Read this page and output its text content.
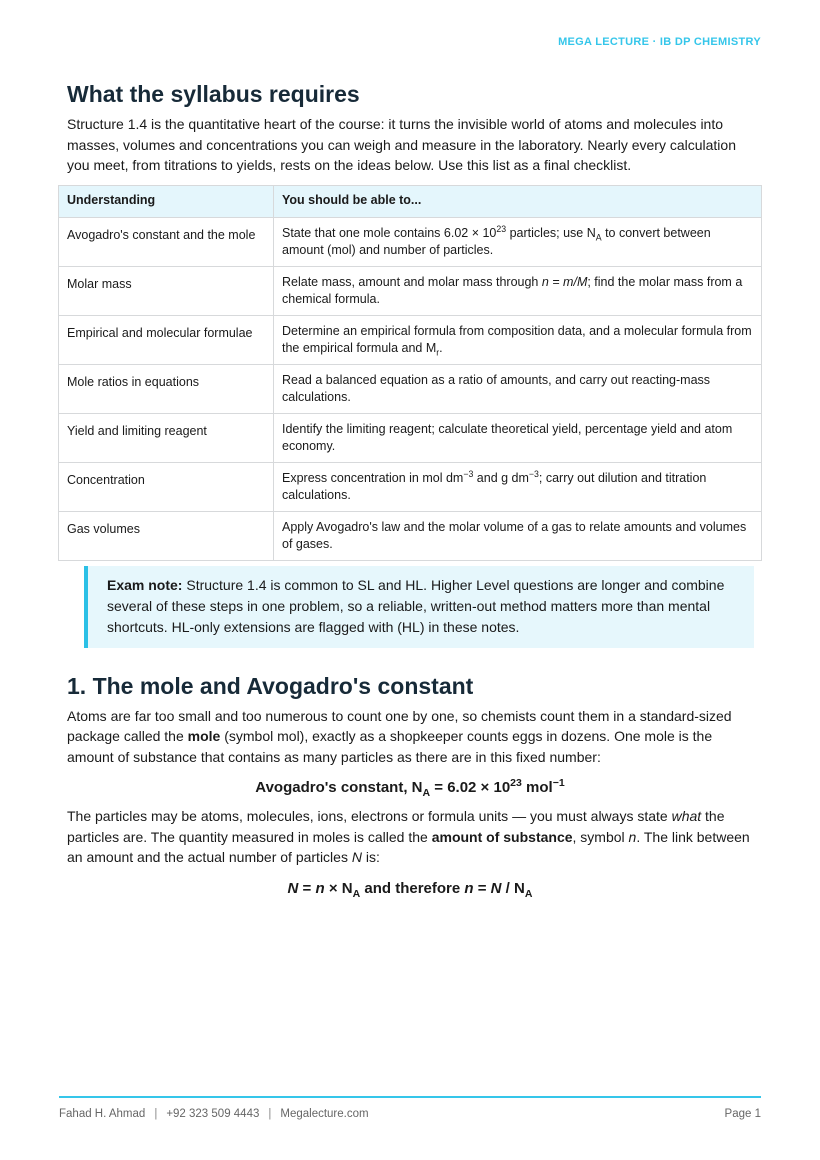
MEGA LECTURE · IB DP CHEMISTRY
What the syllabus requires

Structure 1.4 is the quantitative heart of the course: it turns the invisible world of atoms and molecules into masses, volumes and concentrations you can weigh and measure in the laboratory. Nearly every calculation you meet, from titrations to yields, rests on the ideas below. Use this list as a final checklist.

Understanding	You should be able to...
Avogadro's constant and the mole	State that one mole contains $6.02 \times 10^{23}$ particles; use $N_A$ to convert between amount (mol) and number of particles.
Molar mass	Relate mass, amount and molar mass through n = m/M; find the molar mass from a chemical formula.
Empirical and molecular formulae	Determine an empirical formula from composition data, and a molecular formula from the empirical formula and $M_r$.
Mole ratios in equations	Read a balanced equation as a ratio of amounts, and carry out reacting-mass calculations.
Yield and limiting reagent	Identify the limiting reagent; calculate theoretical yield, percentage yield and atom economy.
Concentration	Express concentration in mol $dm^{-3}$ and g $dm^{-3}$; carry out dilution and titration calculations.
Gas volumes	Apply Avogadro's law and the molar volume of a gas to relate amounts and volumes of gases.
Exam note: Structure 1.4 is common to SL and HL. Higher Level questions are longer and combine several of these steps in one problem, so a reliable, written-out method matters more than mental shortcuts. HL-only extensions are flagged with (HL) in these notes.
1. The mole and Avogadro's constant

Atoms are far too small and too numerous to count one by one, so chemists count them in a standard-sized package called the mole (symbol mol), exactly as a shopkeeper counts eggs in dozens. One mole is the amount of substance that contains as many particles as there are in this fixed number:

Avogadro's constant, $N_A = 6.02 \times 10^{23}$ mol$^{-1}$

The particles may be atoms, molecules, ions, electrons or formula units — you must always state what the particles are. The quantity measured in moles is called the amount of substance, symbol n. The link between an amount and the actual number of particles N is:

$N = n \times N_A$ and therefore $n = N / N_A$
Fahad H. Ahmad | +92 323 509 4443 | Megalecture.com	Page 1
